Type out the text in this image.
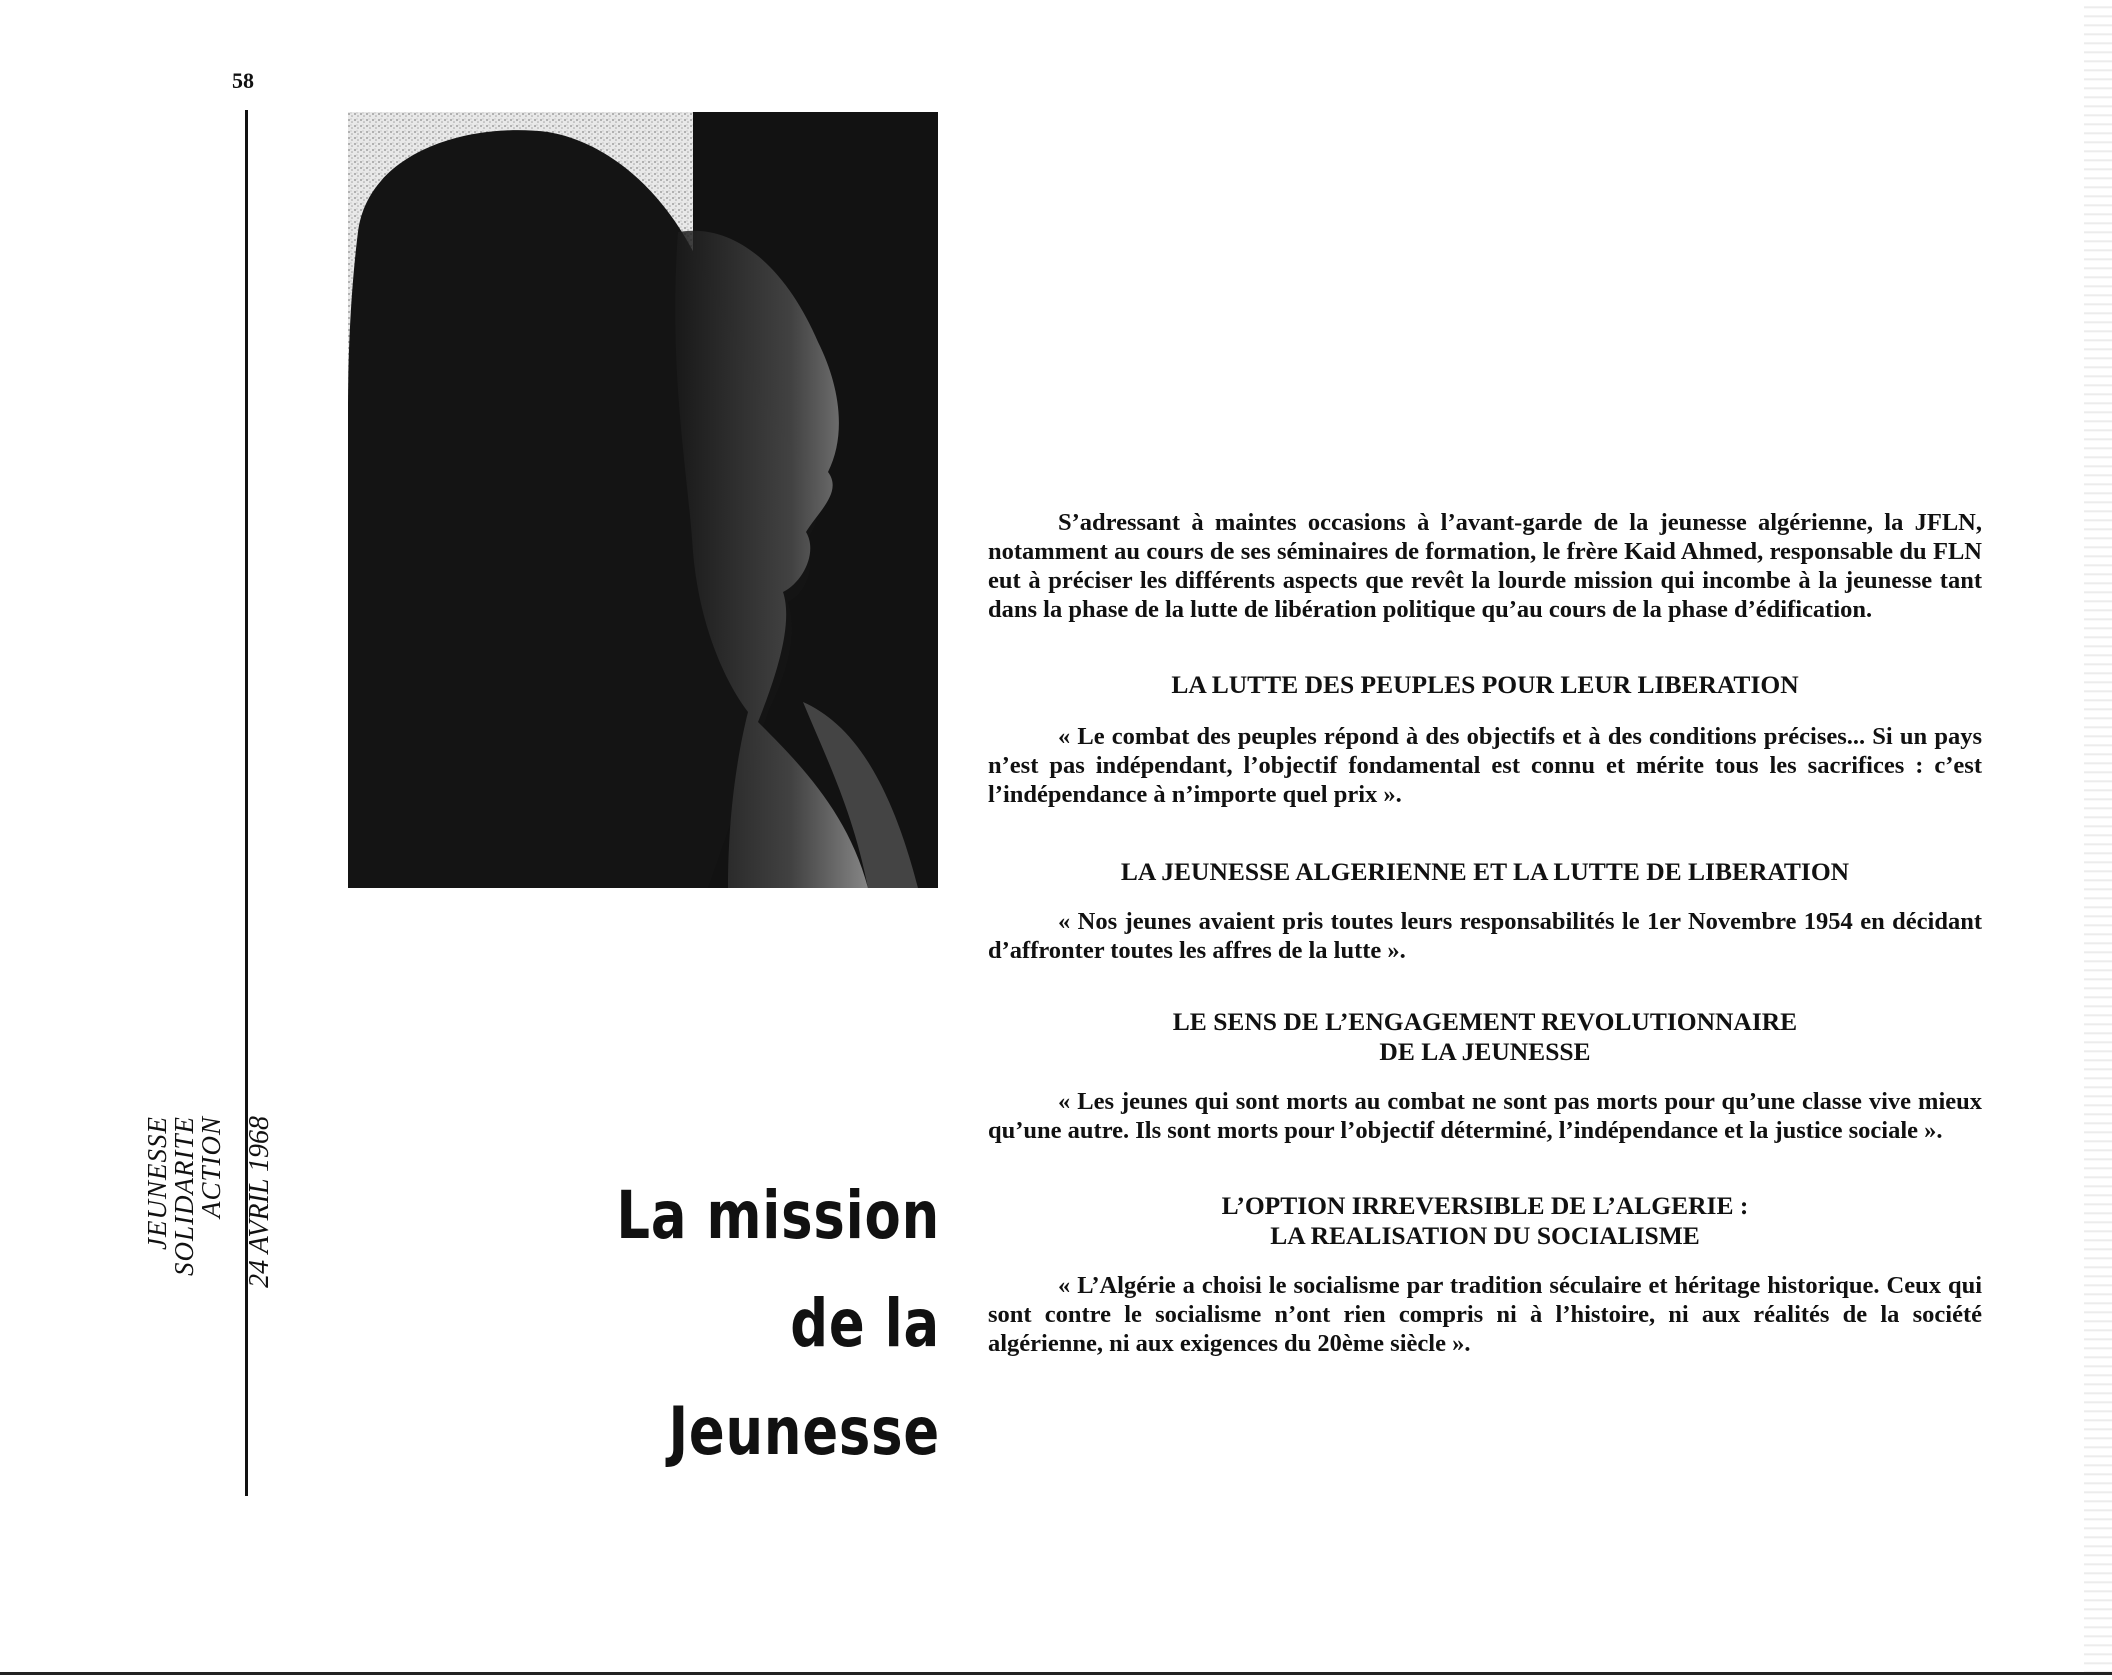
58
JEUNESSE
SOLIDARITE
ACTION 24 AVRIL 1968	La mission
de la Jeunesse

S’adressant à maintes occasions à l’avant-garde de la jeunesse algérienne, la JFLN, notamment au cours de ses séminaires de formation, le frère Kaid Ahmed, responsable du FLN eut à préciser les différents aspects que revêt la lourde mission qui incombe à la jeunesse tant dans la phase de la lutte de libération politique qu’au cours de la phase d’édification.

LA LUTTE DES PEUPLES POUR LEUR LIBERATION

« Le combat des peuples répond à des objectifs et à des conditions précises... Si un pays n’est pas indépendant, l’objectif fondamental est connu et mérite tous les sacrifices : c’est l’indépendance à n’importe quel prix ».

LA JEUNESSE ALGERIENNE ET LA LUTTE DE LIBERATION

« Nos jeunes avaient pris toutes leurs responsabilités le 1er Novembre 1954 en décidant d’affronter toutes les affres de la lutte ».

LE SENS DE L’ENGAGEMENT REVOLUTIONNAIRE
DE LA JEUNESSE

« Les jeunes qui sont morts au combat ne sont pas morts pour qu’une classe vive mieux qu’une autre. Ils sont morts pour l’objectif déterminé, l’indépendance et la justice sociale ».

L’OPTION IRREVERSIBLE DE L’ALGERIE :
LA REALISATION DU SOCIALISME

« L’Algérie a choisi le socialisme par tradition séculaire et héritage historique. Ceux qui sont contre le socialisme n’ont rien compris ni à l’histoire, ni aux réalités de la société algérienne, ni aux exigences du 20ème siècle ».
